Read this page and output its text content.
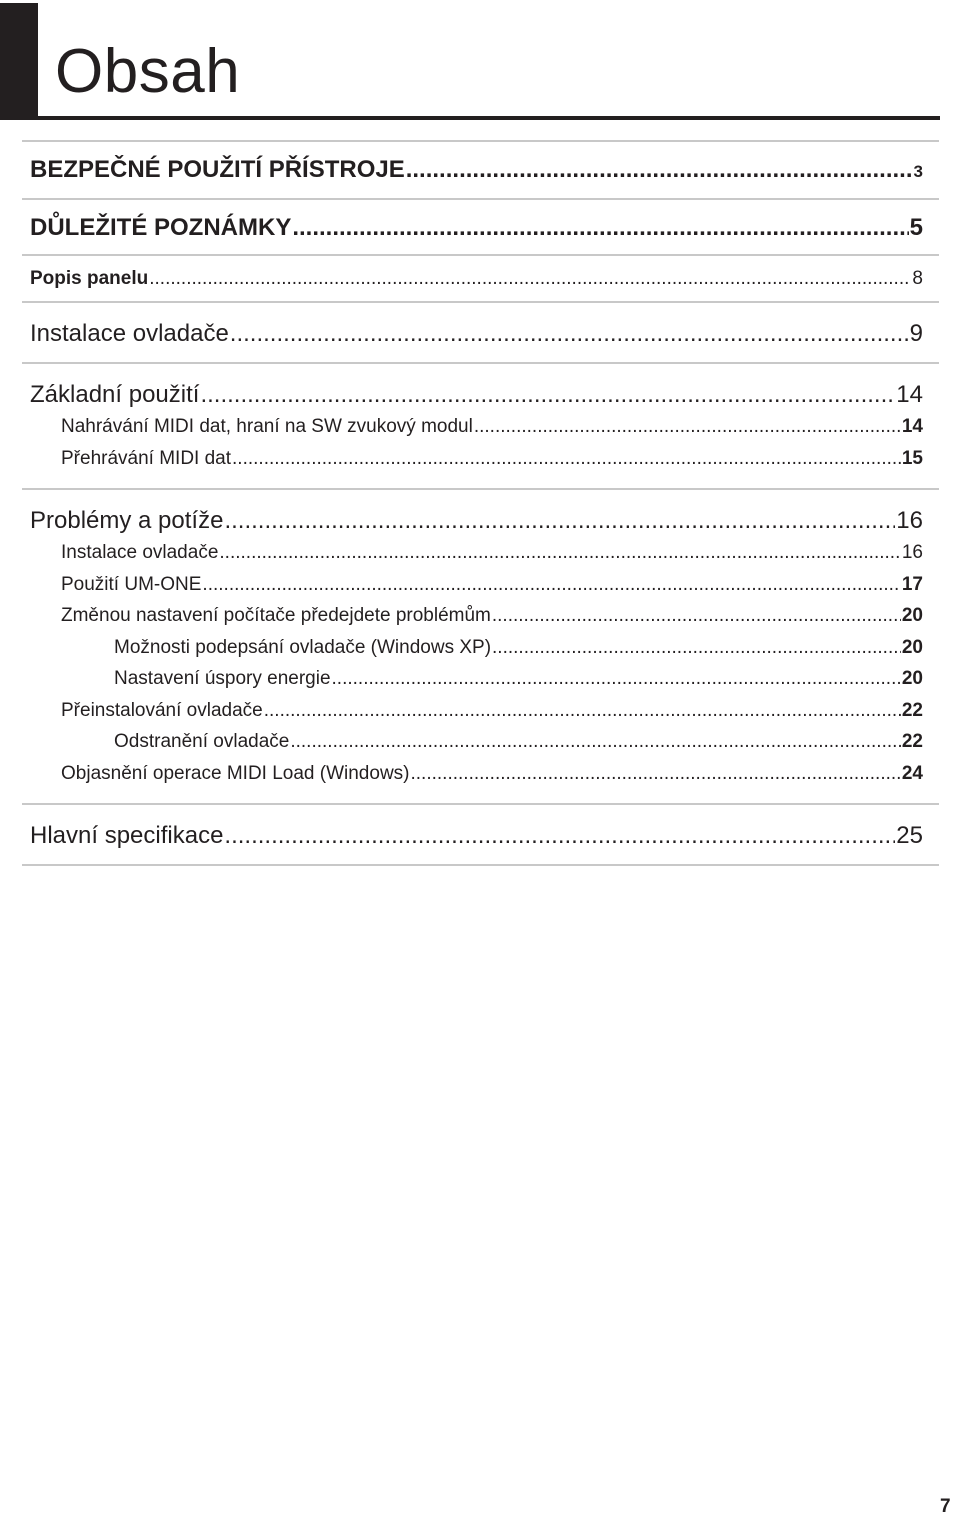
Obsah
BEZPEČNÉ POUŽITÍ PŘÍSTROJE .....	3
DŮLEŽITÉ POZNÁMKY .....	5
Popis panelu .....	8
Instalace ovladače .....	9
Základní použití .....	14
Nahrávání MIDI dat, hraní na SW zvukový modul .....	14
Přehrávání MIDI dat .....	15
Problémy a potíže .....	16
Instalace ovladače .....	16
Použití UM-ONE .....	17
Změnou nastavení počítače předejdete problémům .....	20
Možnosti podepsání ovladače (Windows XP) .....	20
Nastavení úspory energie .....	20
Přeinstalování ovladače .....	22
Odstranění ovladače .....	22
Objasnění operace MIDI Load (Windows) .....	24
Hlavní specifikace .....	25
7
